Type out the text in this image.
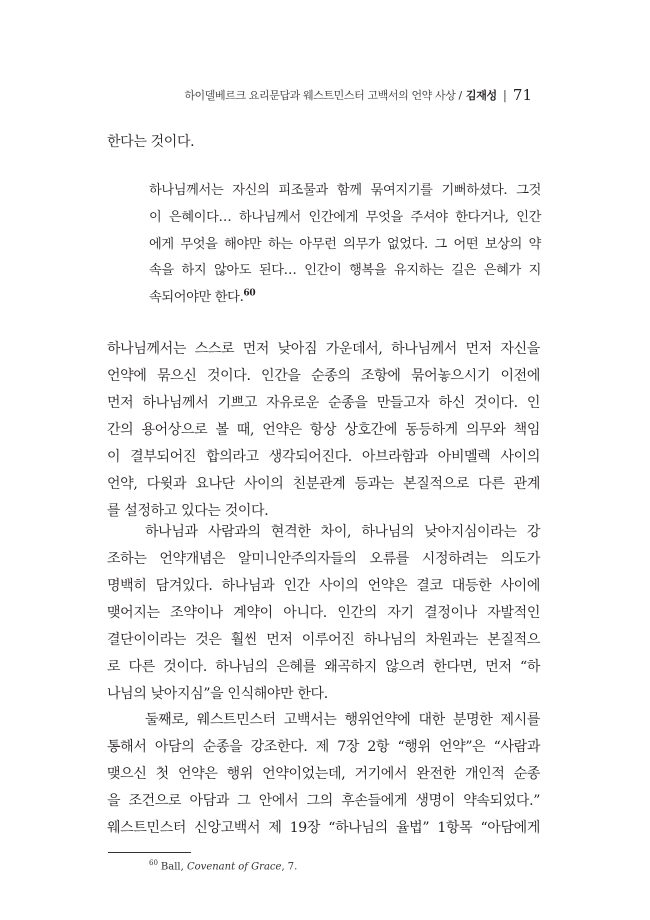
하이델베르크 요리문답과 웨스트민스터 고백서의 언약 사상 / 김재성 | 71
한다는 것이다.
하나님께서는 자신의 피조물과 함께 묶여지기를 기뻐하셨다. 그것
이 은혜이다… 하나님께서 인간에게 무엇을 주셔야 한다거나, 인간
에게 무엇을 해야만 하는 아무런 의무가 없었다. 그 어떤 보상의 약
속을 하지 않아도 된다… 인간이 행복을 유지하는 길은 은혜가 지
속되어야만 한다.$^{60}$
하나님께서는 스스로 먼저 낮아짐 가운데서, 하나님께서 먼저 자신을
언약에 묶으신 것이다. 인간을 순종의 조항에 묶어놓으시기 이전에
먼저 하나님께서 기쁘고 자유로운 순종을 만들고자 하신 것이다. 인
간의 용어상으로 볼 때, 언약은 항상 상호간에 동등하게 의무와 책임
이 결부되어진 합의라고 생각되어진다. 아브라함과 아비멜렉 사이의
언약, 다윗과 요나단 사이의 친분관계 등과는 본질적으로 다른 관계
를 설정하고 있다는 것이다.
하나님과 사람과의 현격한 차이, 하나님의 낮아지심이라는 강
조하는 언약개념은 알미니안주의자들의 오류를 시정하려는 의도가
명백히 담겨있다. 하나님과 인간 사이의 언약은 결코 대등한 사이에
맺어지는 조약이나 계약이 아니다. 인간의 자기 결정이나 자발적인
결단이이라는 것은 훨씬 먼저 이루어진 하나님의 차원과는 본질적으
로 다른 것이다. 하나님의 은혜를 왜곡하지 않으려 한다면, 먼저 “하
나님의 낮아지심”을 인식해야만 한다.
둘째로, 웨스트민스터 고백서는 행위언약에 대한 분명한 제시를
통해서 아담의 순종을 강조한다. 제 7장 2항 “행위 언약”은 “사람과
맺으신 첫 언약은 행위 언약이었는데, 거기에서 완전한 개인적 순종
을 조건으로 아담과 그 안에서 그의 후손들에게 생명이 약속되었다.”
웨스트민스터 신앙고백서 제 19장 “하나님의 율법” 1항목 “아담에게
$^{60}$ Ball, Covenant of Grace, 7.
